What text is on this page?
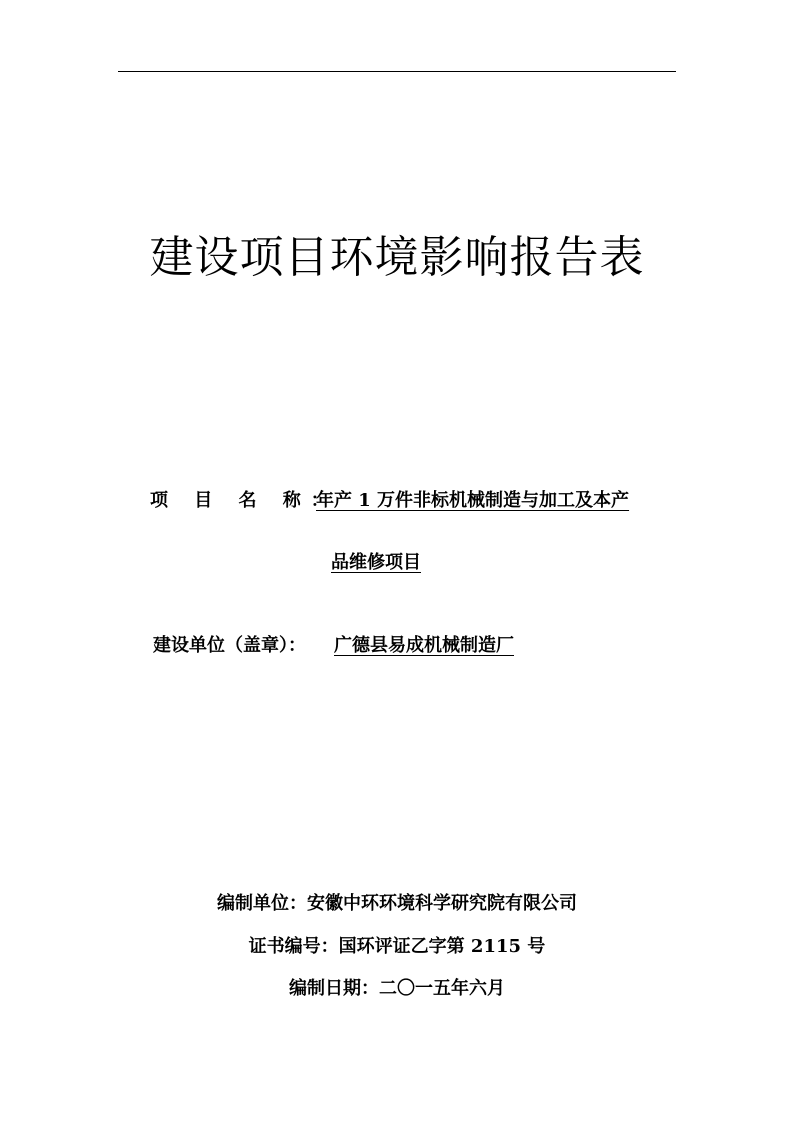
建设项目环境影响报告表
项 目 名 称：
年产 1 万件非标机械制造与加工及本产
品维修项目
建设单位（盖章）： 广德县易成机械制造厂
编制单位：安徽中环环境科学研究院有限公司
证书编号：国环评证乙字第 2115 号
编制日期：二〇一五年六月
